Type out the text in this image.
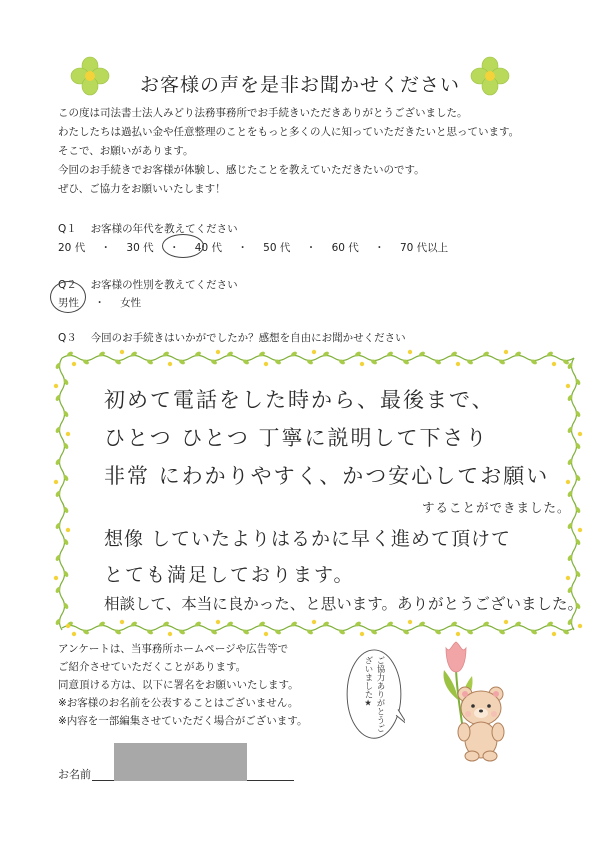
お客様の声を是非お聞かせください
この度は司法書士法人みどり法務事務所でお手続きいただきありがとうございました。
わたしたちは過払い金や任意整理のことをもっと多くの人に知っていただきたいと思っています。
そこで、お願いがあります。
今回のお手続きでお客様が体験し、感じたことを教えていただきたいのです。
ぜひ、ご協力をお願いいたします！
Q１　 お客様の年代を教えてください
20 代 ・ 30 代 ・ 40 代 ・ 50 代 ・ 60 代 ・ 70 代以上
Q２　 お客様の性別を教えてください
男性 ・ 女性
Q３　 今回のお手続きはいかがでしたか？感想を自由にお聞かせください
初めて電話をした時から、最後まで、
ひとつ ひとつ 丁寧に説明して下さり
非常 にわかりやすく、かつ安心してお願い
することができました。
想像 していたよりはるかに早く進めて頂けて
とても満足しております。
相談して、本当に良かった、と思います。ありがとうございました。
アンケートは、当事務所ホームページや広告等で
ご紹介させていただくことがあります。
同意頂ける方は、以下に署名をお願いいたします。
※お客様のお名前を公表することはございません。
※内容を一部編集させていただく場合がございます。	ご協力ありがとうございました★
お名前
